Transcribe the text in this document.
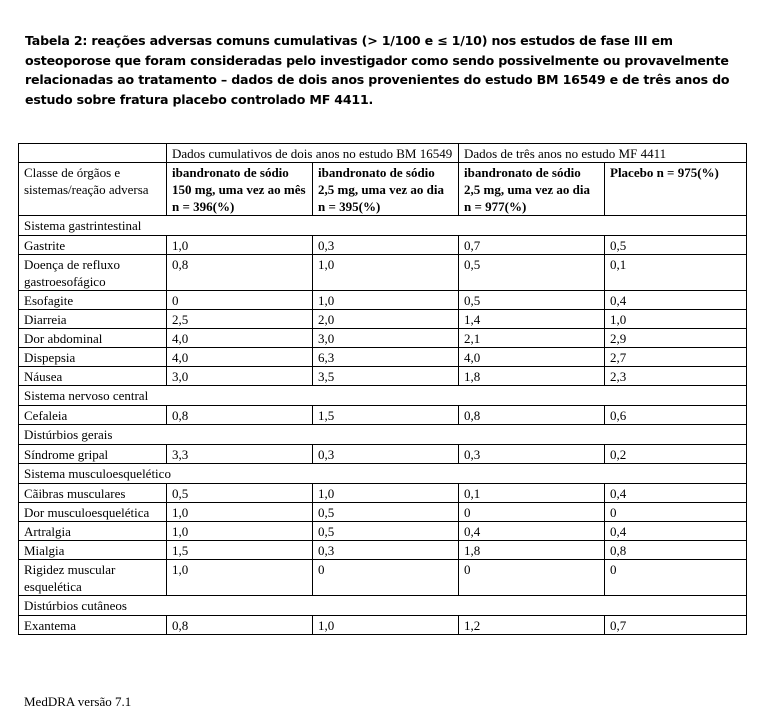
Tabela 2: reações adversas comuns cumulativas (> 1/100 e ≤ 1/10) nos estudos de fase III em osteoporose que foram consideradas pelo investigador como sendo possivelmente ou provavelmente relacionadas ao tratamento – dados de dois anos provenientes do estudo BM 16549 e de três anos do estudo sobre fratura placebo controlado MF 4411.
	Dados cumulativos de dois anos no estudo BM 16549		Dados de três anos no estudo MF 4411	
Classe de órgãos e sistemas/reação adversa	ibandronato de sódio 150 mg, uma vez ao mês n = 396(%)	ibandronato de sódio 2,5 mg, uma vez ao dia n = 395(%)	ibandronato de sódio 2,5 mg, uma vez ao dia n = 977(%)	Placebo n = 975(%)
Sistema gastrintestinal				
Gastrite	1,0	0,3	0,7	0,5
Doença de refluxo gastroesofágico	0,8	1,0	0,5	0,1
Esofagite	0	1,0	0,5	0,4
Diarreia	2,5	2,0	1,4	1,0
Dor abdominal	4,0	3,0	2,1	2,9
Dispepsia	4,0	6,3	4,0	2,7
Náusea	3,0	3,5	1,8	2,3
Sistema nervoso central				
Cefaleia	0,8	1,5	0,8	0,6
Distúrbios gerais				
Síndrome gripal	3,3	0,3	0,3	0,2
Sistema musculoesquelético				
Cãibras musculares	0,5	1,0	0,1	0,4
Dor musculoesquelética	1,0	0,5	0	0
Artralgia	1,0	0,5	0,4	0,4
Mialgia	1,5	0,3	1,8	0,8
Rigidez muscular esquelética	1,0	0	0	0
Distúrbios cutâneos				
Exantema	0,8	1,0	1,2	0,7
MedDRA versão 7.1
